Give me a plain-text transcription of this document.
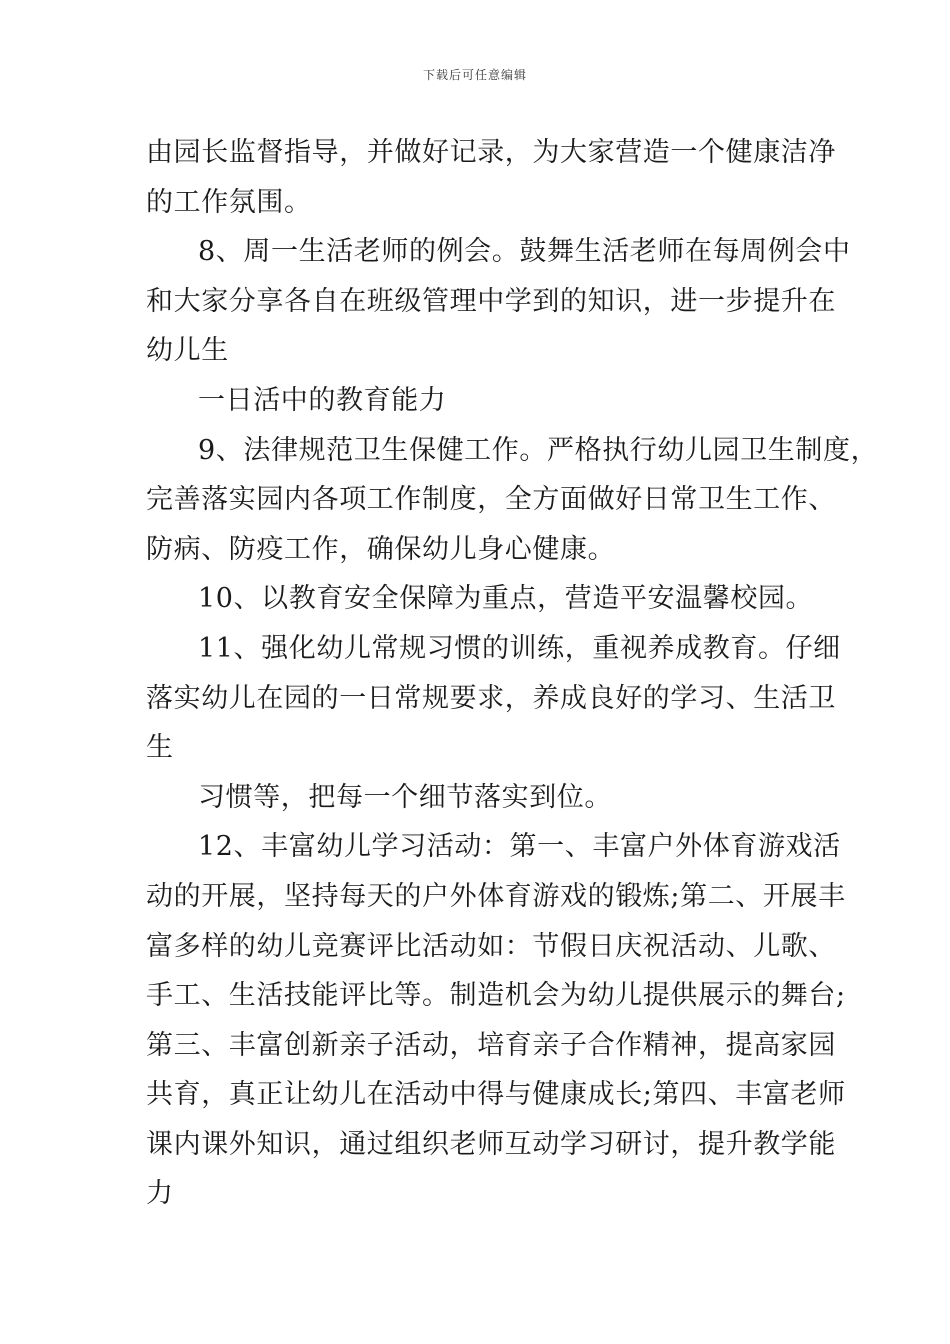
下载后可任意编辑
由园长监督指导，并做好记录，为大家营造一个健康洁净
的工作氛围。
8、周一生活老师的例会。鼓舞生活老师在每周例会中
和大家分享各自在班级管理中学到的知识，进一步提升在
幼儿生
一日活中的教育能力
9、法律规范卫生保健工作。严格执行幼儿园卫生制度，
完善落实园内各项工作制度，全方面做好日常卫生工作、
防病、防疫工作，确保幼儿身心健康。
10、以教育安全保障为重点，营造平安温馨校园。
11、强化幼儿常规习惯的训练，重视养成教育。仔细
落实幼儿在园的一日常规要求，养成良好的学习、生活卫
生
习惯等，把每一个细节落实到位。
12、丰富幼儿学习活动：第一、丰富户外体育游戏活
动的开展，坚持每天的户外体育游戏的锻炼;第二、开展丰
富多样的幼儿竞赛评比活动如：节假日庆祝活动、儿歌、
手工、生活技能评比等。制造机会为幼儿提供展示的舞台;
第三、丰富创新亲子活动，培育亲子合作精神，提高家园
共育，真正让幼儿在活动中得与健康成长;第四、丰富老师
课内课外知识，通过组织老师互动学习研讨，提升教学能
力
